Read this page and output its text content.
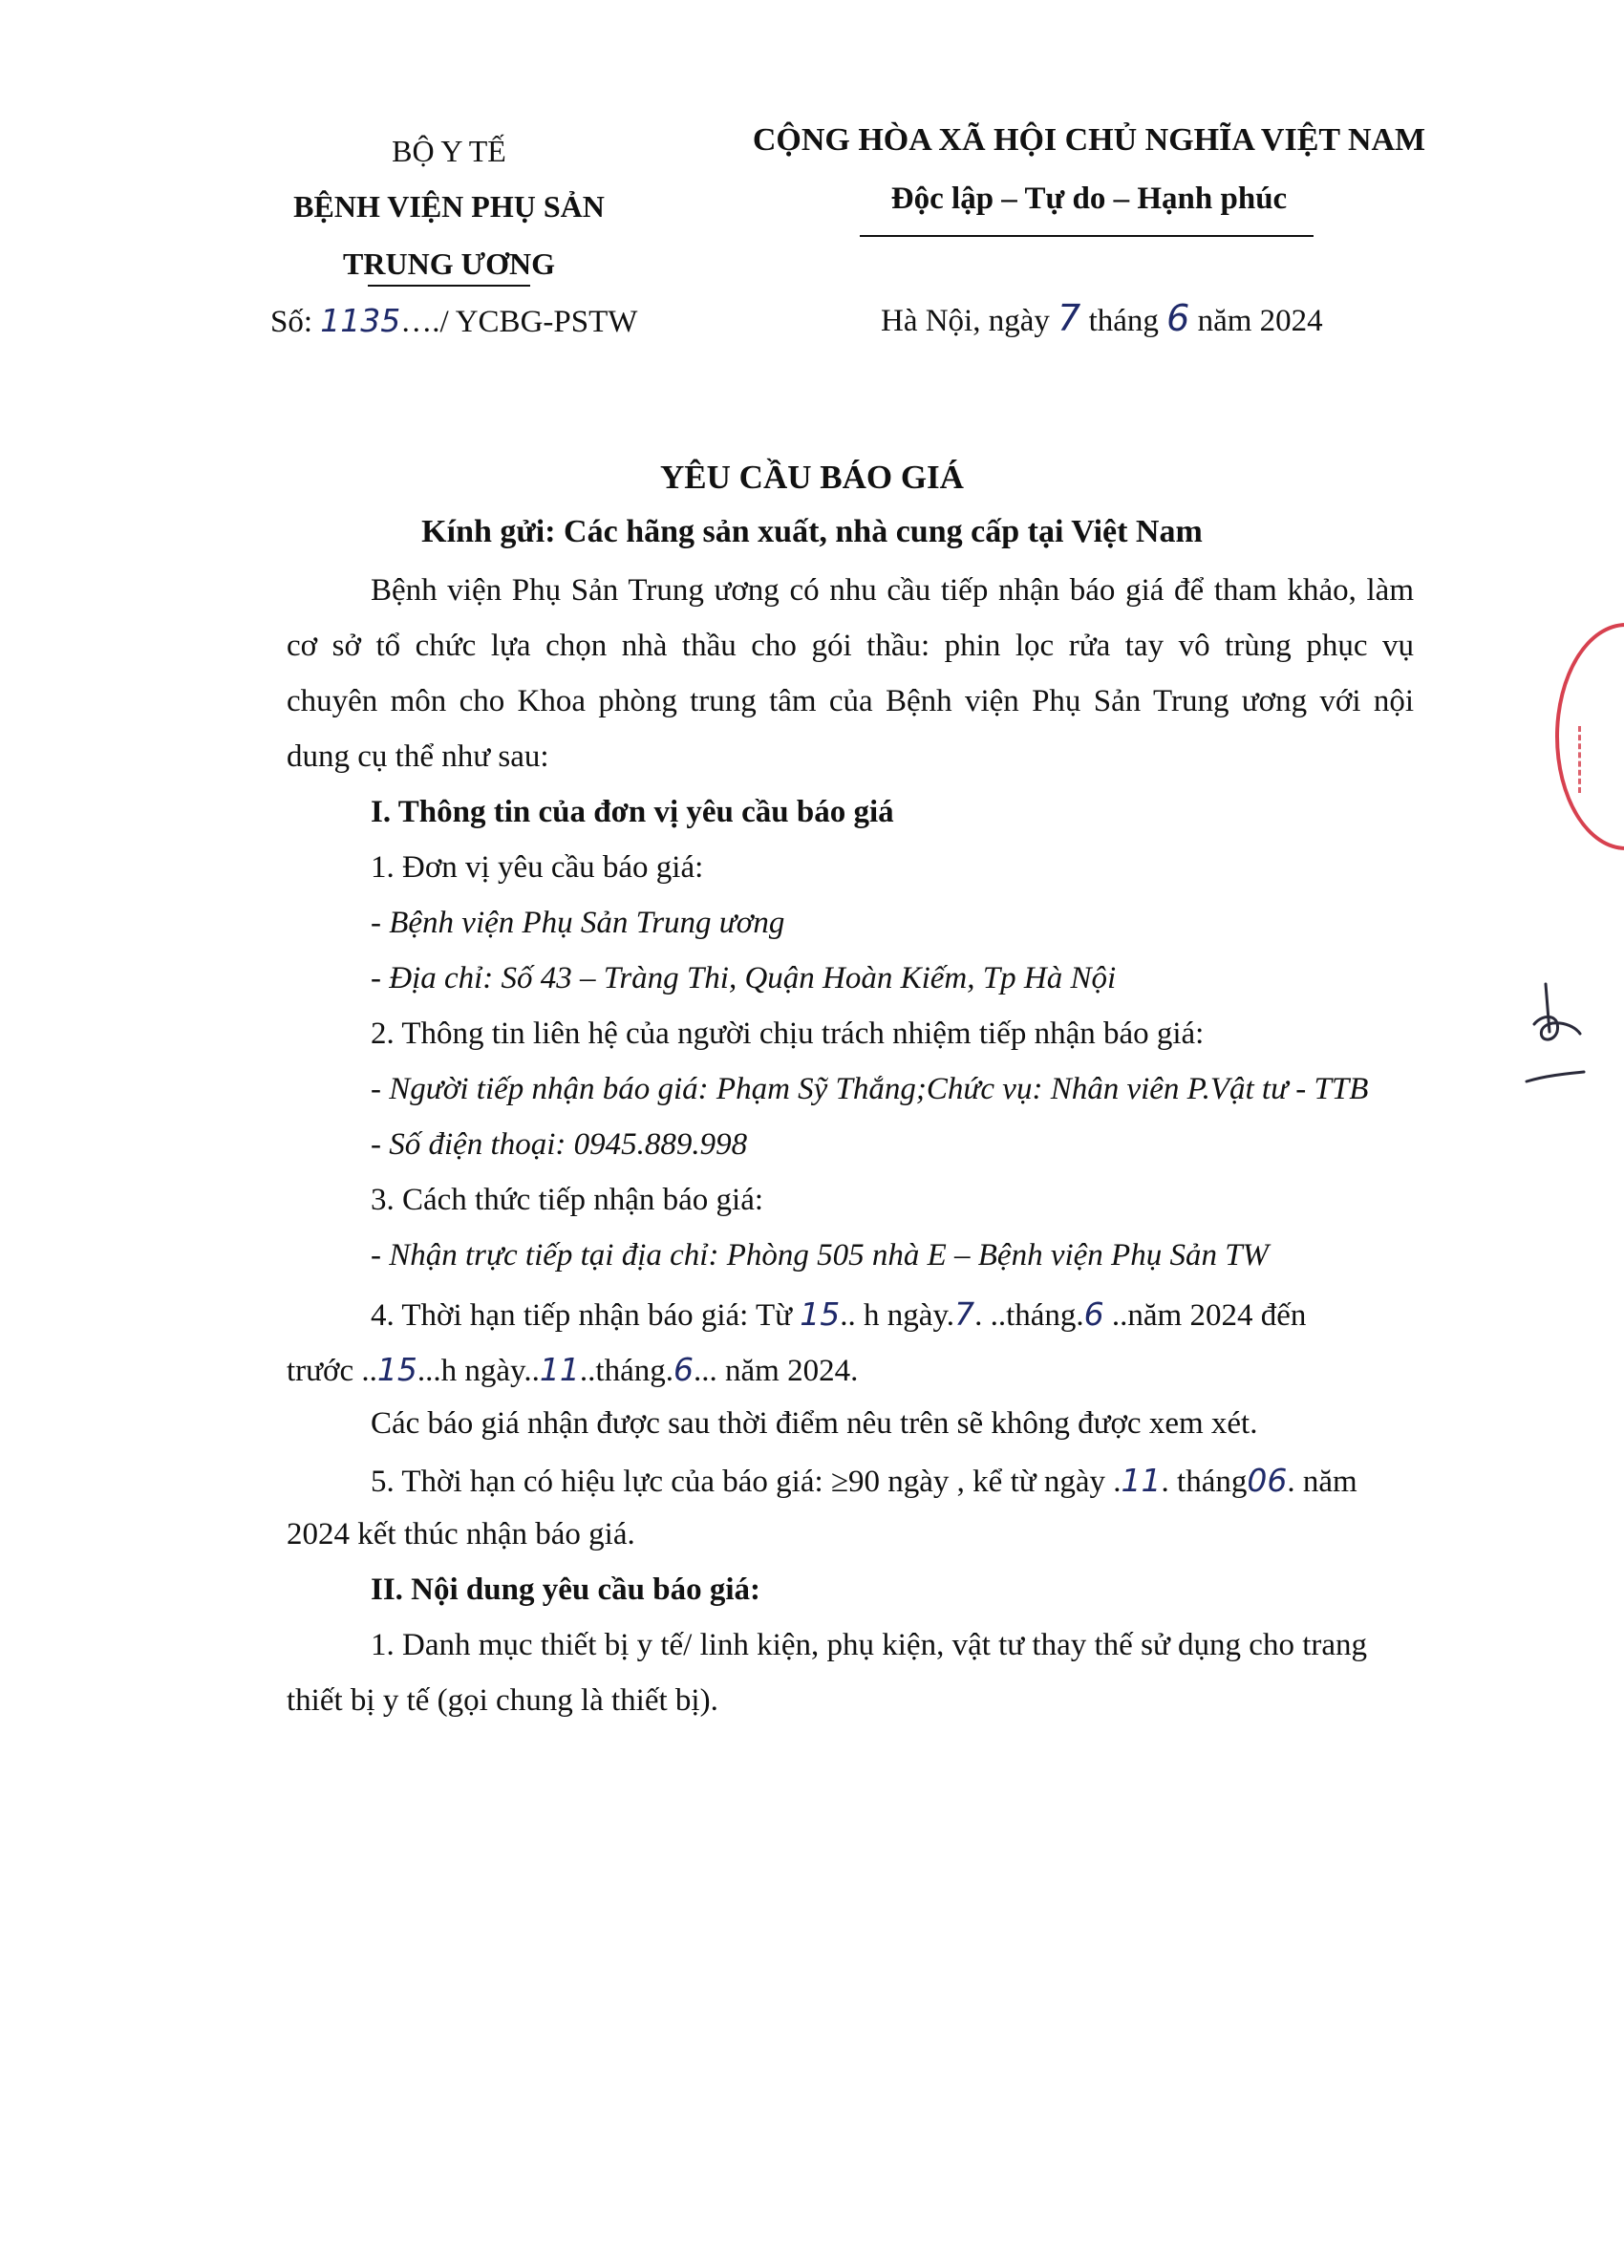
BỘ Y TẾ
BỆNH VIỆN PHỤ SẢN
TRUNG ƯƠNG
Số: 1135…./ YCBG-PSTW
CỘNG HÒA XÃ HỘI CHỦ NGHĨA VIỆT NAM
Độc lập – Tự do – Hạnh phúc
Hà Nội, ngày 7 tháng 6 năm 2024
YÊU CẦU BÁO GIÁ
Kính gửi: Các hãng sản xuất, nhà cung cấp tại Việt Nam
Bệnh viện Phụ Sản Trung ương có nhu cầu tiếp nhận báo giá để tham khảo, làm
cơ sở tổ chức lựa chọn nhà thầu cho gói thầu: phin lọc rửa tay vô trùng phục vụ
chuyên môn cho Khoa phòng trung tâm của Bệnh viện Phụ Sản Trung ương với nội
dung cụ thể như sau:
I. Thông tin của đơn vị yêu cầu báo giá
1. Đơn vị yêu cầu báo giá:
- Bệnh viện Phụ Sản Trung ương
- Địa chỉ: Số 43 – Tràng Thi, Quận Hoàn Kiếm, Tp Hà Nội
2. Thông tin liên hệ của người chịu trách nhiệm tiếp nhận báo giá:
- Người tiếp nhận báo giá: Phạm Sỹ Thắng;Chức vụ: Nhân viên P.Vật tư - TTB
- Số điện thoại: 0945.889.998
3. Cách thức tiếp nhận báo giá:
- Nhận trực tiếp tại địa chỉ: Phòng 505 nhà E – Bệnh viện Phụ Sản TW
4. Thời hạn tiếp nhận báo giá: Từ 15.. h ngày.7. ..tháng.6 ..năm 2024 đến
trước ..15...h ngày..11..tháng.6... năm 2024.
Các báo giá nhận được sau thời điểm nêu trên sẽ không được xem xét.
5. Thời hạn có hiệu lực của báo giá: ≥90 ngày , kể từ ngày .11. tháng06. năm
2024 kết thúc nhận báo giá.
II. Nội dung yêu cầu báo giá:
1. Danh mục thiết bị y tế/ linh kiện, phụ kiện, vật tư thay thế sử dụng cho trang
thiết bị y tế (gọi chung là thiết bị).
